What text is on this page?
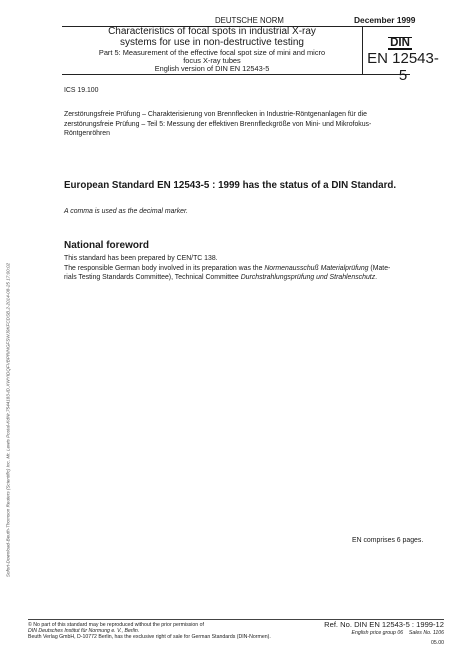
Sofort-Download-Beuth-Thomson Reuters (Scientific) Inc. Mr. Lewis Postal-KdNr.7544183-ID.XWYIDQFVBPRINGFSWJ9KFCDSB.2-2014-08-25 17:00:02
DEUTSCHE NORM	December 1999
Characteristics of focal spots in industrial X-ray
systems for use in non-destructive testing
Part 5: Measurement of the effective focal spot size of mini and micro
focus X-ray tubes
English version of DIN EN 12543-5
DIN
EN 12543-5
ICS 19.100
Zerstörungsfreie Prüfung – Charakterisierung von Brennflecken in Industrie-Röntgenanlagen für die
zerstörungsfreie Prüfung – Teil 5: Messung der effektiven Brennfleckgröße von Mini- und Mikrofokus-
Röntgenröhren
European Standard EN 12543-5 : 1999 has the status of a DIN Standard.
A comma is used as the decimal marker.
National foreword
This standard has been prepared by CEN/TC 138.
The responsible German body involved in its preparation was the Normenausschuß Materialprüfung (Mate-
rials Testing Standards Committee), Technical Committee Durchstrahlungsprüfung und Strahlenschutz.
EN comprises 6 pages.
© No part of this standard may be reproduced without the prior permission of
DIN Deutsches Institut für Normung e. V., Berlin.
Beuth Verlag GmbH, D-10772 Berlin, has the exclusive right of sale for German Standards (DIN-Normen).
Ref. No. DIN EN 12543-5 : 1999-12
English price group 06 Sales No. 1106
05.00
